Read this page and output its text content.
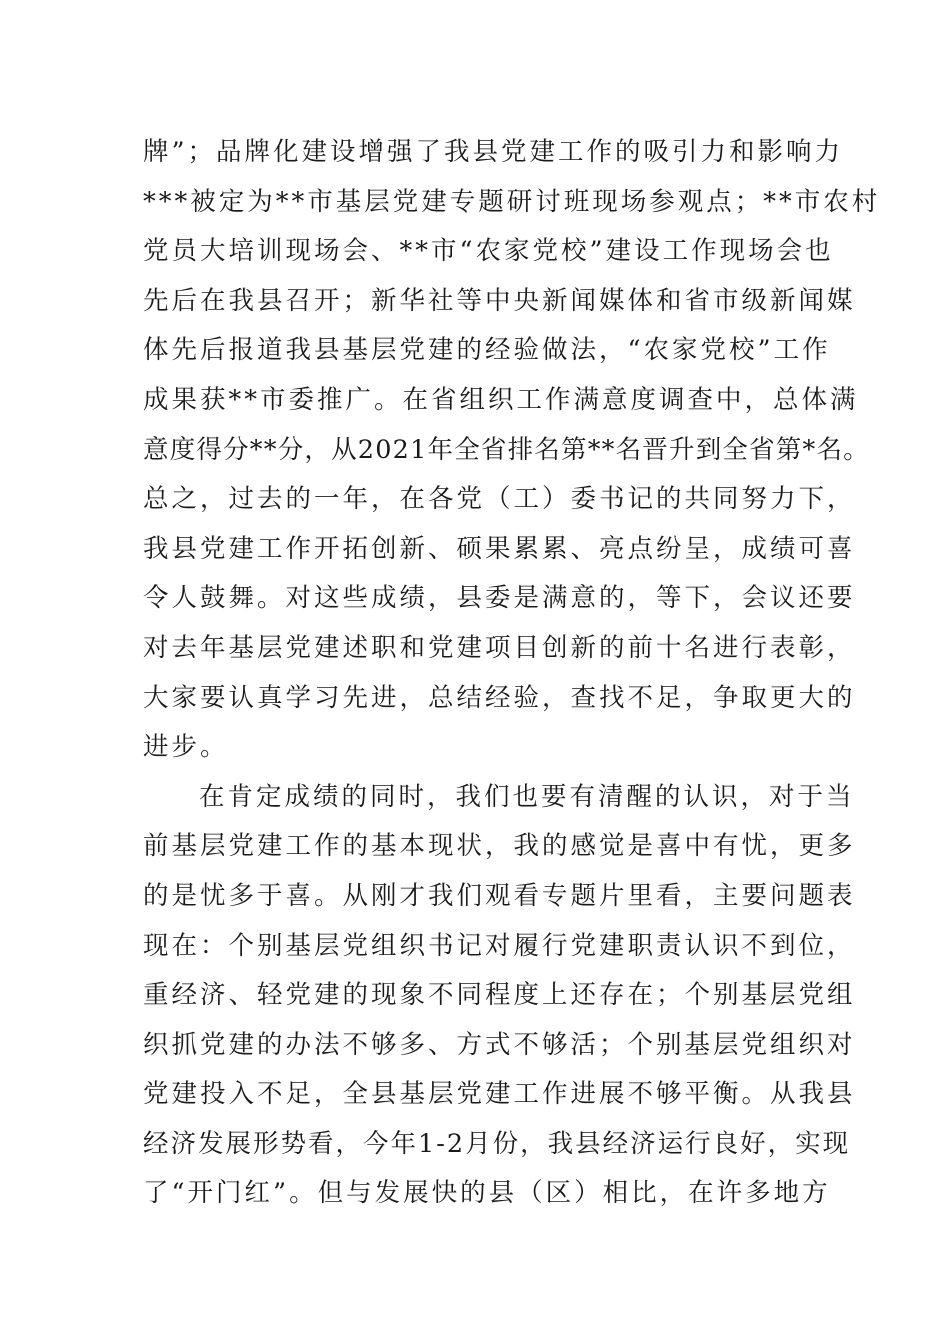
牌”；品牌化建设增强了我县党建工作的吸引力和影响力
***被定为**市基层党建专题研讨班现场参观点；**市农村
党员大培训现场会、**市“农家党校”建设工作现场会也
先后在我县召开；新华社等中央新闻媒体和省市级新闻媒
体先后报道我县基层党建的经验做法，“农家党校”工作
成果获**市委推广。在省组织工作满意度调查中，总体满
意度得分**分，从2021年全省排名第**名晋升到全省第*名。
总之，过去的一年，在各党（工）委书记的共同努力下，
我县党建工作开拓创新、硕果累累、亮点纷呈，成绩可喜
令人鼓舞。对这些成绩，县委是满意的，等下，会议还要
对去年基层党建述职和党建项目创新的前十名进行表彰，
大家要认真学习先进，总结经验，查找不足，争取更大的
进步。
在肯定成绩的同时，我们也要有清醒的认识，对于当
前基层党建工作的基本现状，我的感觉是喜中有忧，更多
的是忧多于喜。从刚才我们观看专题片里看，主要问题表
现在：个别基层党组织书记对履行党建职责认识不到位，
重经济、轻党建的现象不同程度上还存在；个别基层党组
织抓党建的办法不够多、方式不够活；个别基层党组织对
党建投入不足，全县基层党建工作进展不够平衡。从我县
经济发展形势看，今年1-2月份，我县经济运行良好，实现
了“开门红”。但与发展快的县（区）相比，在许多地方
